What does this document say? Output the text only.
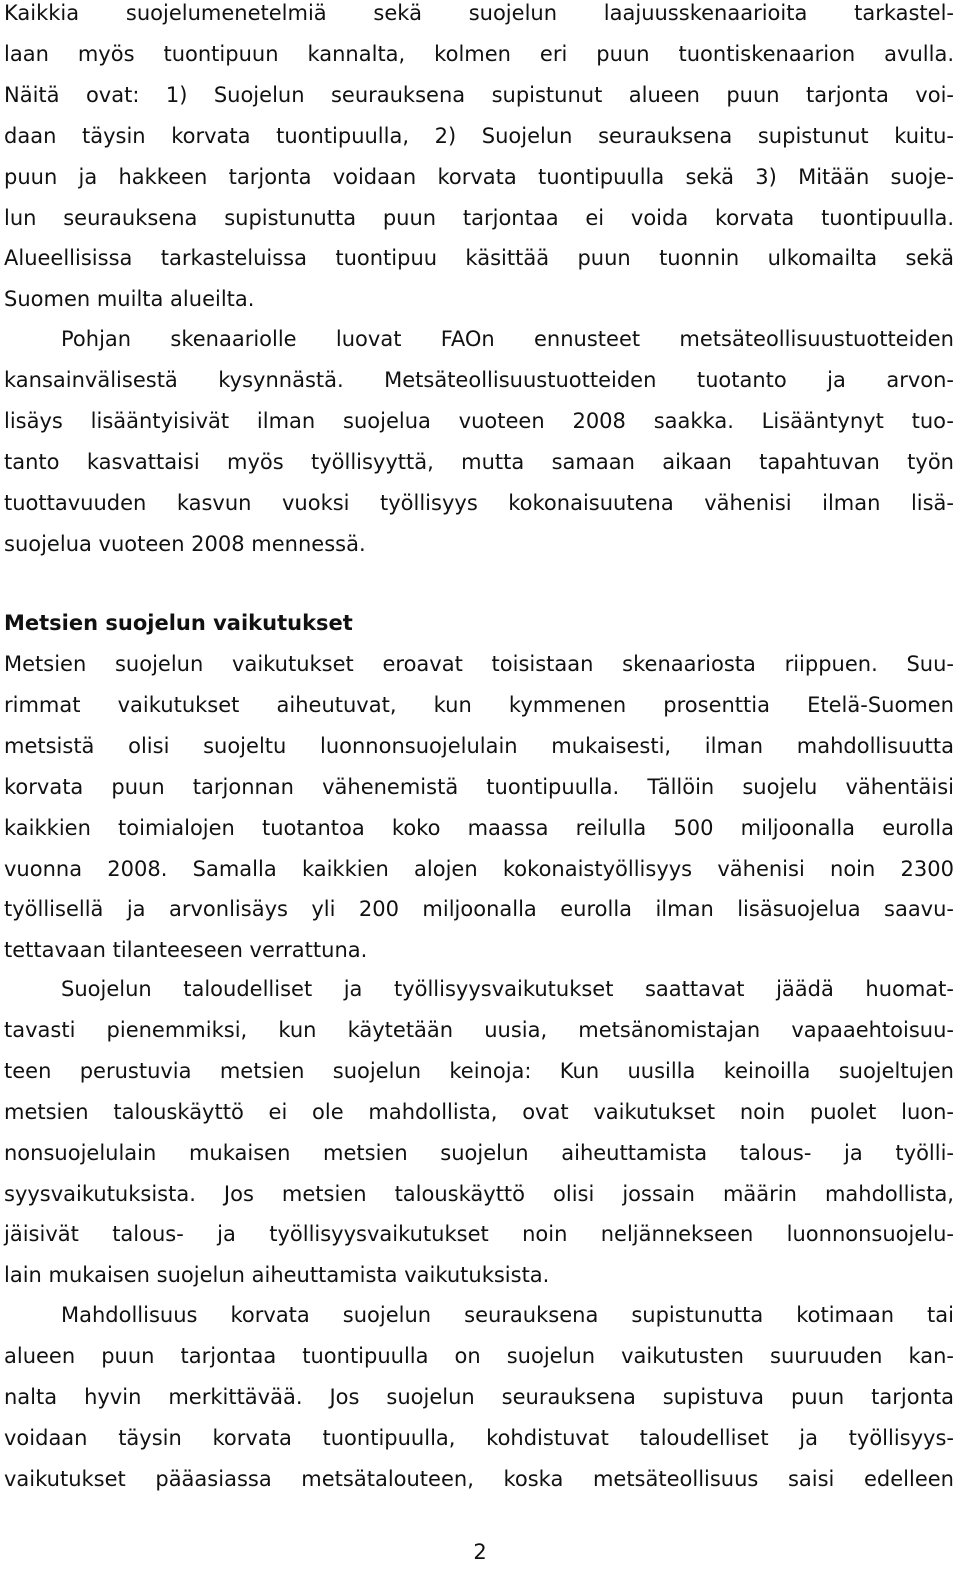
Kaikkia suojelumenetelmiä sekä suojelun laajuusskenaarioita tarkastel-
laan myös tuontipuun kannalta, kolmen eri puun tuontiskenaarion avulla.
Näitä ovat: 1) Suojelun seurauksena supistunut alueen puun tarjonta voi-
daan täysin korvata tuontipuulla, 2) Suojelun seurauksena supistunut kuitu-
puun ja hakkeen tarjonta voidaan korvata tuontipuulla sekä 3) Mitään suoje-
lun seurauksena supistunutta puun tarjontaa ei voida korvata tuontipuulla.
Alueellisissa tarkasteluissa tuontipuu käsittää puun tuonnin ulkomailta sekä
Suomen muilta alueilta.
Pohjan skenaariolle luovat FAOn ennusteet metsäteollisuustuotteiden
kansainvälisestä kysynnästä. Metsäteollisuustuotteiden tuotanto ja arvon-
lisäys lisääntyisivät ilman suojelua vuoteen 2008 saakka. Lisääntynyt tuo-
tanto kasvattaisi myös työllisyyttä, mutta samaan aikaan tapahtuvan työn
tuottavuuden kasvun vuoksi työllisyys kokonaisuutena vähenisi ilman lisä-
suojelua vuoteen 2008 mennessä.
Metsien suojelun vaikutukset
Metsien suojelun vaikutukset eroavat toisistaan skenaariosta riippuen. Suu-
rimmat vaikutukset aiheutuvat, kun kymmenen prosenttia Etelä-Suomen
metsistä olisi suojeltu luonnonsuojelulain mukaisesti, ilman mahdollisuutta
korvata puun tarjonnan vähenemistä tuontipuulla. Tällöin suojelu vähentäisi
kaikkien toimialojen tuotantoa koko maassa reilulla 500 miljoonalla eurolla
vuonna 2008. Samalla kaikkien alojen kokonaistyöllisyys vähenisi noin 2300
työllisellä ja arvonlisäys yli 200 miljoonalla eurolla ilman lisäsuojelua saavu-
tettavaan tilanteeseen verrattuna.
Suojelun taloudelliset ja työllisyysvaikutukset saattavat jäädä huomat-
tavasti pienemmiksi, kun käytetään uusia, metsänomistajan vapaaehtoisuu-
teen perustuvia metsien suojelun keinoja: Kun uusilla keinoilla suojeltujen
metsien talouskäyttö ei ole mahdollista, ovat vaikutukset noin puolet luon-
nonsuojelulain mukaisen metsien suojelun aiheuttamista talous- ja työlli-
syysvaikutuksista. Jos metsien talouskäyttö olisi jossain määrin mahdollista,
jäisivät talous- ja työllisyysvaikutukset noin neljännekseen luonnonsuojelu-
lain mukaisen suojelun aiheuttamista vaikutuksista.
Mahdollisuus korvata suojelun seurauksena supistunutta kotimaan tai
alueen puun tarjontaa tuontipuulla on suojelun vaikutusten suuruuden kan-
nalta hyvin merkittävää. Jos suojelun seurauksena supistuva puun tarjonta
voidaan täysin korvata tuontipuulla, kohdistuvat taloudelliset ja työllisyys-
vaikutukset pääasiassa metsätalouteen, koska metsäteollisuus saisi edelleen
2
